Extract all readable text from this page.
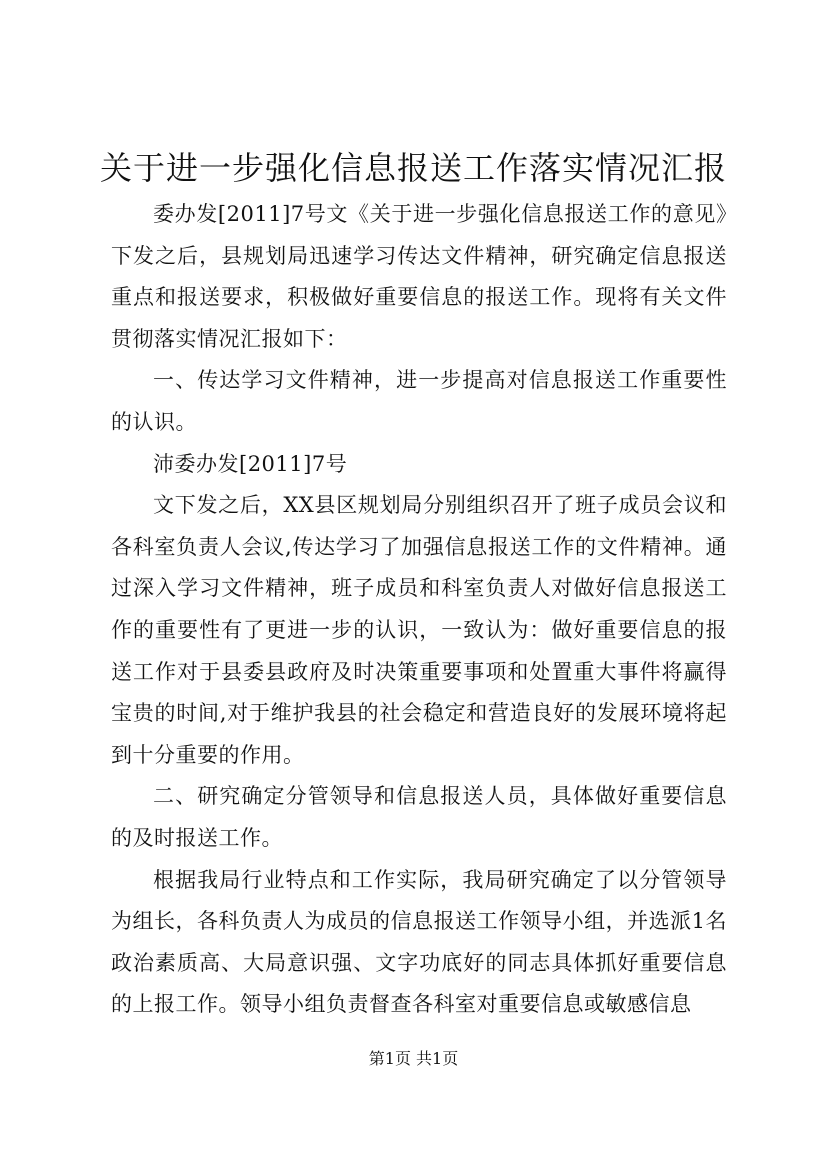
关于进一步强化信息报送工作落实情况汇报

委办发[2011]7号文《关于进一步强化信息报送工作的意见》下发之后，县规划局迅速学习传达文件精神，研究确定信息报送重点和报送要求，积极做好重要信息的报送工作。现将有关文件贯彻落实情况汇报如下：

一、传达学习文件精神，进一步提高对信息报送工作重要性的认识。

沛委办发[2011]7号

文下发之后，XX县区规划局分别组织召开了班子成员会议和各科室负责人会议,传达学习了加强信息报送工作的文件精神。通过深入学习文件精神，班子成员和科室负责人对做好信息报送工作的重要性有了更进一步的认识，一致认为：做好重要信息的报送工作对于县委县政府及时决策重要事项和处置重大事件将赢得宝贵的时间,对于维护我县的社会稳定和营造良好的发展环境将起到十分重要的作用。

二、研究确定分管领导和信息报送人员，具体做好重要信息的及时报送工作。

根据我局行业特点和工作实际，我局研究确定了以分管领导为组长，各科负责人为成员的信息报送工作领导小组，并选派1名政治素质高、大局意识强、文字功底好的同志具体抓好重要信息的上报工作。领导小组负责督查各科室对重要信息或敏感信息

第1页 共1页
